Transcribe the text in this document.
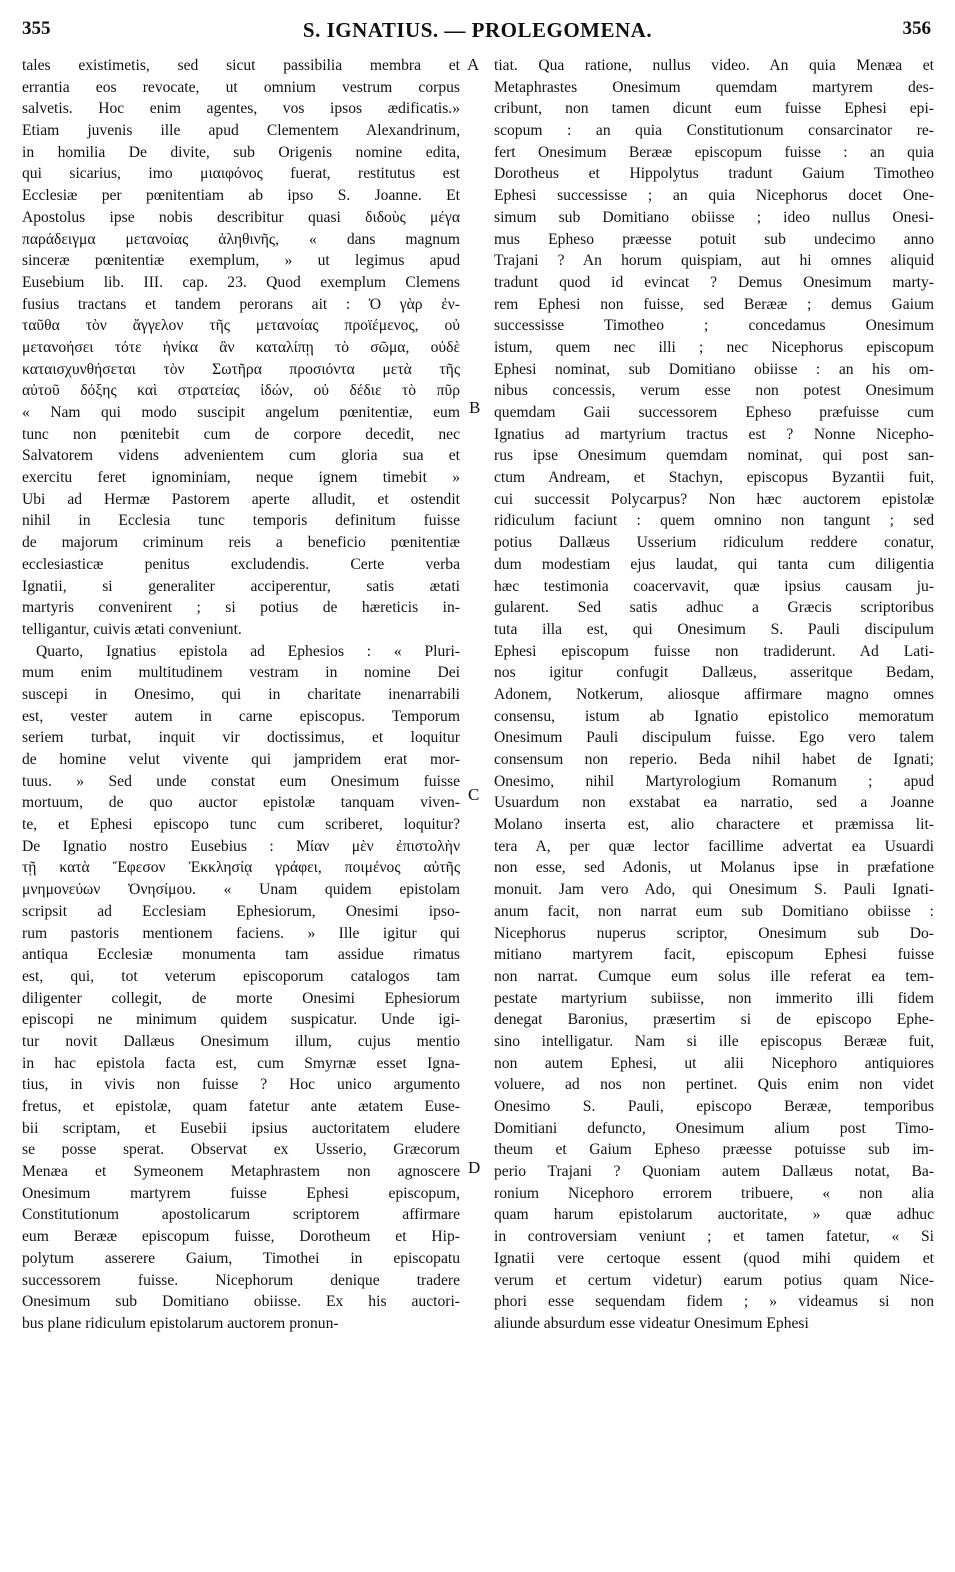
355	S. IGNATIUS. — PROLEGOMENA.	356
tales existimetis, sed sicut passibilia membra et
errantia eos revocate, ut omnium vestrum corpus
salvetis. Hoc enim agentes, vos ipsos ædificatis.»
Etiam juvenis ille apud Clementem Alexandrinum,
in homilia De divite, sub Origenis nomine edita,
qui sicarius, imo μιαιφόνος fuerat, restitutus est
Ecclesiæ per pœnitentiam ab ipso S. Joanne. Et
Apostolus ipse nobis describitur quasi διδοὺς μέγα
παράδειγμα μετανοίας ἀληθινῆς, « dans magnum
sinceræ pœnitentiæ exemplum, » ut legimus apud
Eusebium lib. III. cap. 23. Quod exemplum Clemens
fusius tractans et tandem perorans ait : Ὁ γὰρ ἐν-
ταῦθα τὸν ἄγγελον τῆς μετανοίας προϊέμενος, οὐ
μετανοήσει τότε ἡνίκα ἂν καταλίπῃ τὸ σῶμα, οὐδὲ
καταισχυνθήσεται τὸν Σωτῆρα προσιόντα μετὰ τῆς
αὐτοῦ δόξης καὶ στρατείας ἰδών, οὐ δέδιε τὸ πῦρ
« Nam qui modo suscipit angelum pœnitentiæ, eum
tunc non pœnitebit cum de corpore decedit, nec
Salvatorem videns advenientem cum gloria sua et
exercitu feret ignominiam, neque ignem timebit »
Ubi ad Hermæ Pastorem aperte alludit, et ostendit
nihil in Ecclesia tunc temporis definitum fuisse
de majorum criminum reis a beneficio pœnitentiæ
ecclesiasticæ penitus excludendis. Certe verba
Ignatii, si generaliter acciperentur, satis ætati
martyris convenirent ; si potius de hæreticis in-
telligantur, cuivis ætati conveniunt.
Quarto, Ignatius epistola ad Ephesios : « Pluri-
mum enim multitudinem vestram in nomine Dei
suscepi in Onesimo, qui in charitate inenarrabili
est, vester autem in carne episcopus. Temporum
seriem turbat, inquit vir doctissimus, et loquitur
de homine velut vivente qui jampridem erat mor-
tuus. » Sed unde constat eum Onesimum fuisse
mortuum, de quo auctor epistolæ tanquam viven-
te, et Ephesi episcopo tunc cum scriberet, loquitur?
De Ignatio nostro Eusebius : Μίαν μὲν ἐπιστολὴν
τῇ κατὰ Ἔφεσον Ἐκκλησίᾳ γράφει, ποιμένος αὐτῆς
μνημονεύων Ὀνησίμου. « Unam quidem epistolam
scripsit ad Ecclesiam Ephesiorum, Onesimi ipso-
rum pastoris mentionem faciens. » Ille igitur qui
antiqua Ecclesiæ monumenta tam assidue rimatus
est, qui, tot veterum episcoporum catalogos tam
diligenter collegit, de morte Onesimi Ephesiorum
episcopi ne minimum quidem suspicatur. Unde igi-
tur novit Dallæus Onesimum illum, cujus mentio
in hac epistola facta est, cum Smyrnæ esset Igna-
tius, in vivis non fuisse ? Hoc unico argumento
fretus, et epistolæ, quam fatetur ante ætatem Euse-
bii scriptam, et Eusebii ipsius auctoritatem eludere
se posse sperat. Observat ex Usserio, Græcorum
Menæa et Symeonem Metaphrastem non agnoscere
Onesimum martyrem fuisse Ephesi episcopum,
Constitutionum apostolicarum scriptorem affirmare
eum Berææ episcopum fuisse, Dorotheum et Hip-
polytum asserere Gaium, Timothei in episcopatu
successorem fuisse. Nicephorum denique tradere
Onesimum sub Domitiano obiisse. Ex his auctori-
bus plane ridiculum epistolarum auctorem pronun-
tiat. Qua ratione, nullus video. An quia Menæa et
Metaphrastes Onesimum quemdam martyrem des-
cribunt, non tamen dicunt eum fuisse Ephesi epi-
scopum : an quia Constitutionum consarcinator re-
fert Onesimum Berææ episcopum fuisse : an quia
Dorotheus et Hippolytus tradunt Gaium Timotheo
Ephesi successisse ; an quia Nicephorus docet One-
simum sub Domitiano obiisse ; ideo nullus Onesi-
mus Epheso præesse potuit sub undecimo anno
Trajani ? An horum quispiam, aut hi omnes aliquid
tradunt quod id evincat ? Demus Onesimum marty-
rem Ephesi non fuisse, sed Berææ ; demus Gaium
successisse Timotheo ; concedamus Onesimum
istum, quem nec illi ; nec Nicephorus episcopum
Ephesi nominat, sub Domitiano obiisse : an his om-
nibus concessis, verum esse non potest Onesimum
quemdam Gaii successorem Epheso præfuisse cum
Ignatius ad martyrium tractus est ? Nonne Nicepho-
rus ipse Onesimum quemdam nominat, qui post san-
ctum Andream, et Stachyn, episcopus Byzantii fuit,
cui successit Polycarpus? Non hæc auctorem epistolæ
ridiculum faciunt : quem omnino non tangunt ; sed
potius Dallæus Usserium ridiculum reddere conatur,
dum modestiam ejus laudat, qui tanta cum diligentia
hæc testimonia coacervavit, quæ ipsius causam ju-
gularent. Sed satis adhuc a Græcis scriptoribus
tuta illa est, qui Onesimum S. Pauli discipulum
Ephesi episcopum fuisse non tradiderunt. Ad Lati-
nos igitur confugit Dallæus, asseritque Bedam,
Adonem, Notkerum, aliosque affirmare magno omnes
consensu, istum ab Ignatio epistolico memoratum
Onesimum Pauli discipulum fuisse. Ego vero talem
consensum non reperio. Beda nihil habet de Ignati;
Onesimo, nihil Martyrologium Romanum ; apud
Usuardum non exstabat ea narratio, sed a Joanne
Molano inserta est, alio charactere et præmissa lit-
tera A, per quæ lector facillime advertat ea Usuardi
non esse, sed Adonis, ut Molanus ipse in præfatione
monuit. Jam vero Ado, qui Onesimum S. Pauli Ignati-
anum facit, non narrat eum sub Domitiano obiisse :
Nicephorus nuperus scriptor, Onesimum sub Do-
mitiano martyrem facit, episcopum Ephesi fuisse
non narrat. Cumque eum solus ille referat ea tem-
pestate martyrium subiisse, non immerito illi fidem
denegat Baronius, præsertim si de episcopo Ephe-
sino intelligatur. Nam si ille episcopus Berææ fuit,
non autem Ephesi, ut alii Nicephoro antiquiores
voluere, ad nos non pertinet. Quis enim non videt
Onesimo S. Pauli, episcopo Berææ, temporibus
Domitiani defuncto, Onesimum alium post Timo-
theum et Gaium Epheso præesse potuisse sub im-
perio Trajani ? Quoniam autem Dallæus notat, Ba-
ronium Nicephoro errorem tribuere, « non alia
quam harum epistolarum auctoritate, » quæ adhuc
in controversiam veniunt ; et tamen fatetur, « Si
Ignatii vere certoque essent (quod mihi quidem et
verum et certum videtur) earum potius quam Nice-
phori esse sequendam fidem ; » videamus si non
aliunde absurdum esse videatur Onesimum Ephesi
A
B
C
D
